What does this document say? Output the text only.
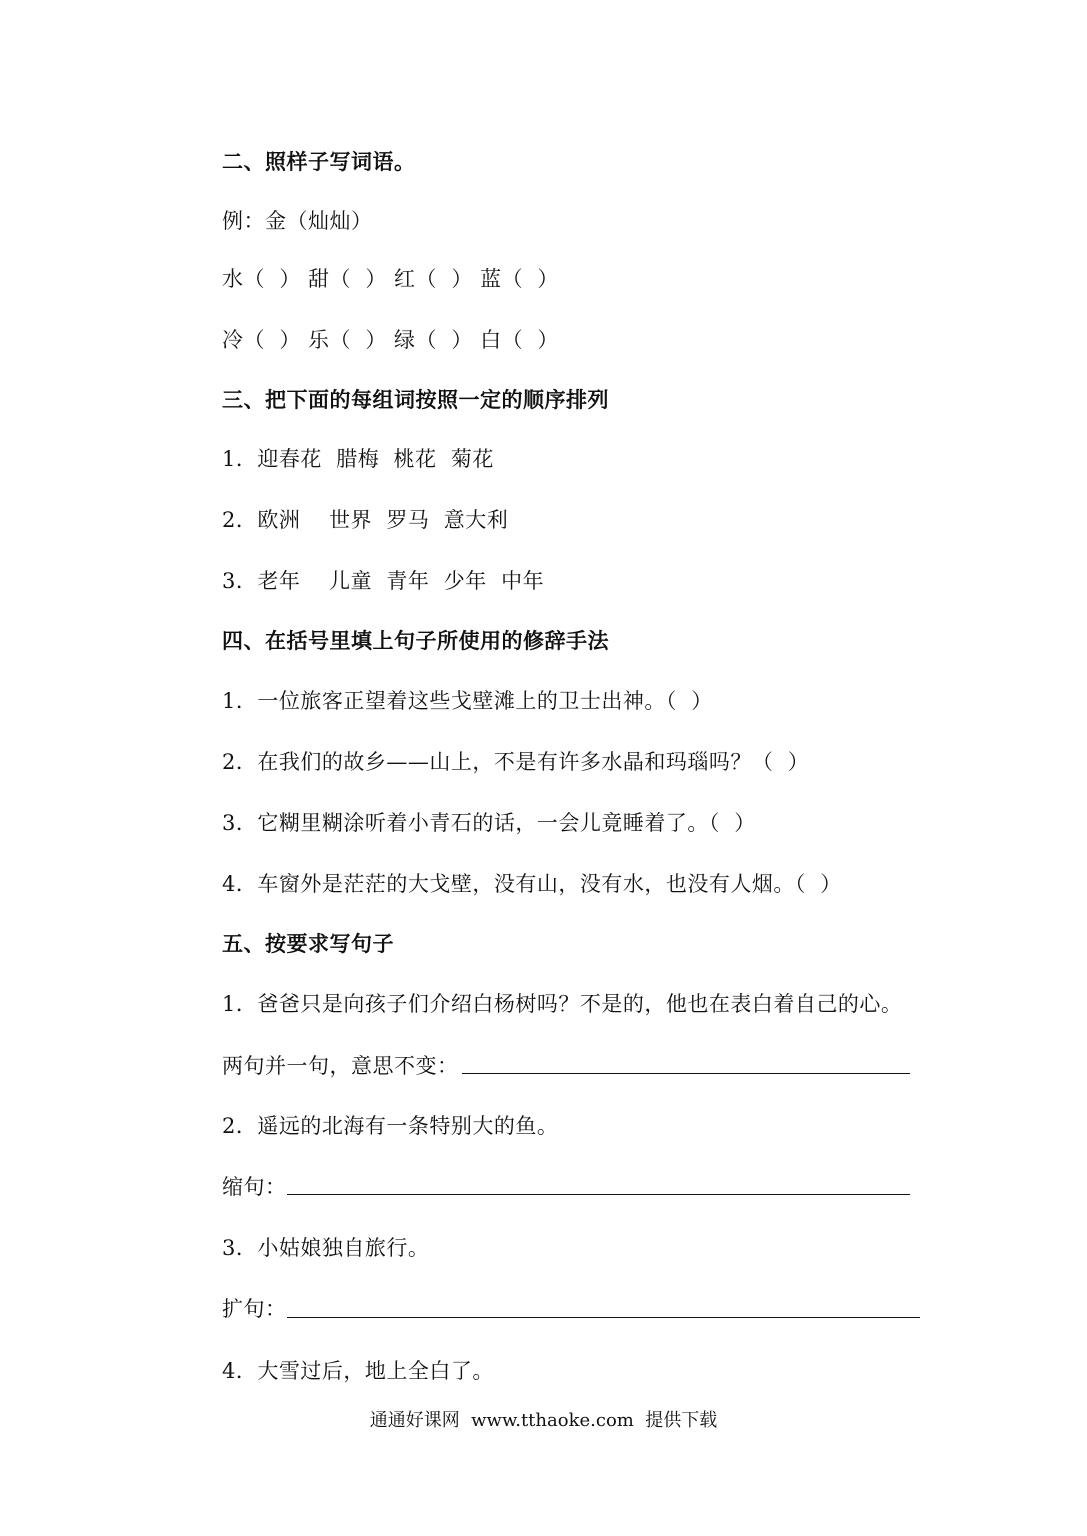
二、照样子写词语。
例：金（灿灿）
水（  ） 甜（  ） 红（  ） 蓝（  ）
冷（  ） 乐（  ） 绿（  ） 白（  ）
三、把下面的每组词按照一定的顺序排列
1．迎春花  腊梅  桃花  菊花
2．欧洲    世界  罗马  意大利
3．老年    儿童  青年  少年  中年
四、在括号里填上句子所使用的修辞手法
1．一位旅客正望着这些戈壁滩上的卫士出神。（  ）
2．在我们的故乡——山上，不是有许多水晶和玛瑙吗？（  ）
3．它糊里糊涂听着小青石的话，一会儿竟睡着了。（  ）
4．车窗外是茫茫的大戈壁，没有山，没有水，也没有人烟。（  ）
五、按要求写句子
1．爸爸只是向孩子们介绍白杨树吗？不是的，他也在表白着自己的心。
两句并一句，意思不变：
2．遥远的北海有一条特别大的鱼。
缩句：
3．小姑娘独自旅行。
扩句：
4．大雪过后，地上全白了。
通通好课网  www.tthaoke.com  提供下载
